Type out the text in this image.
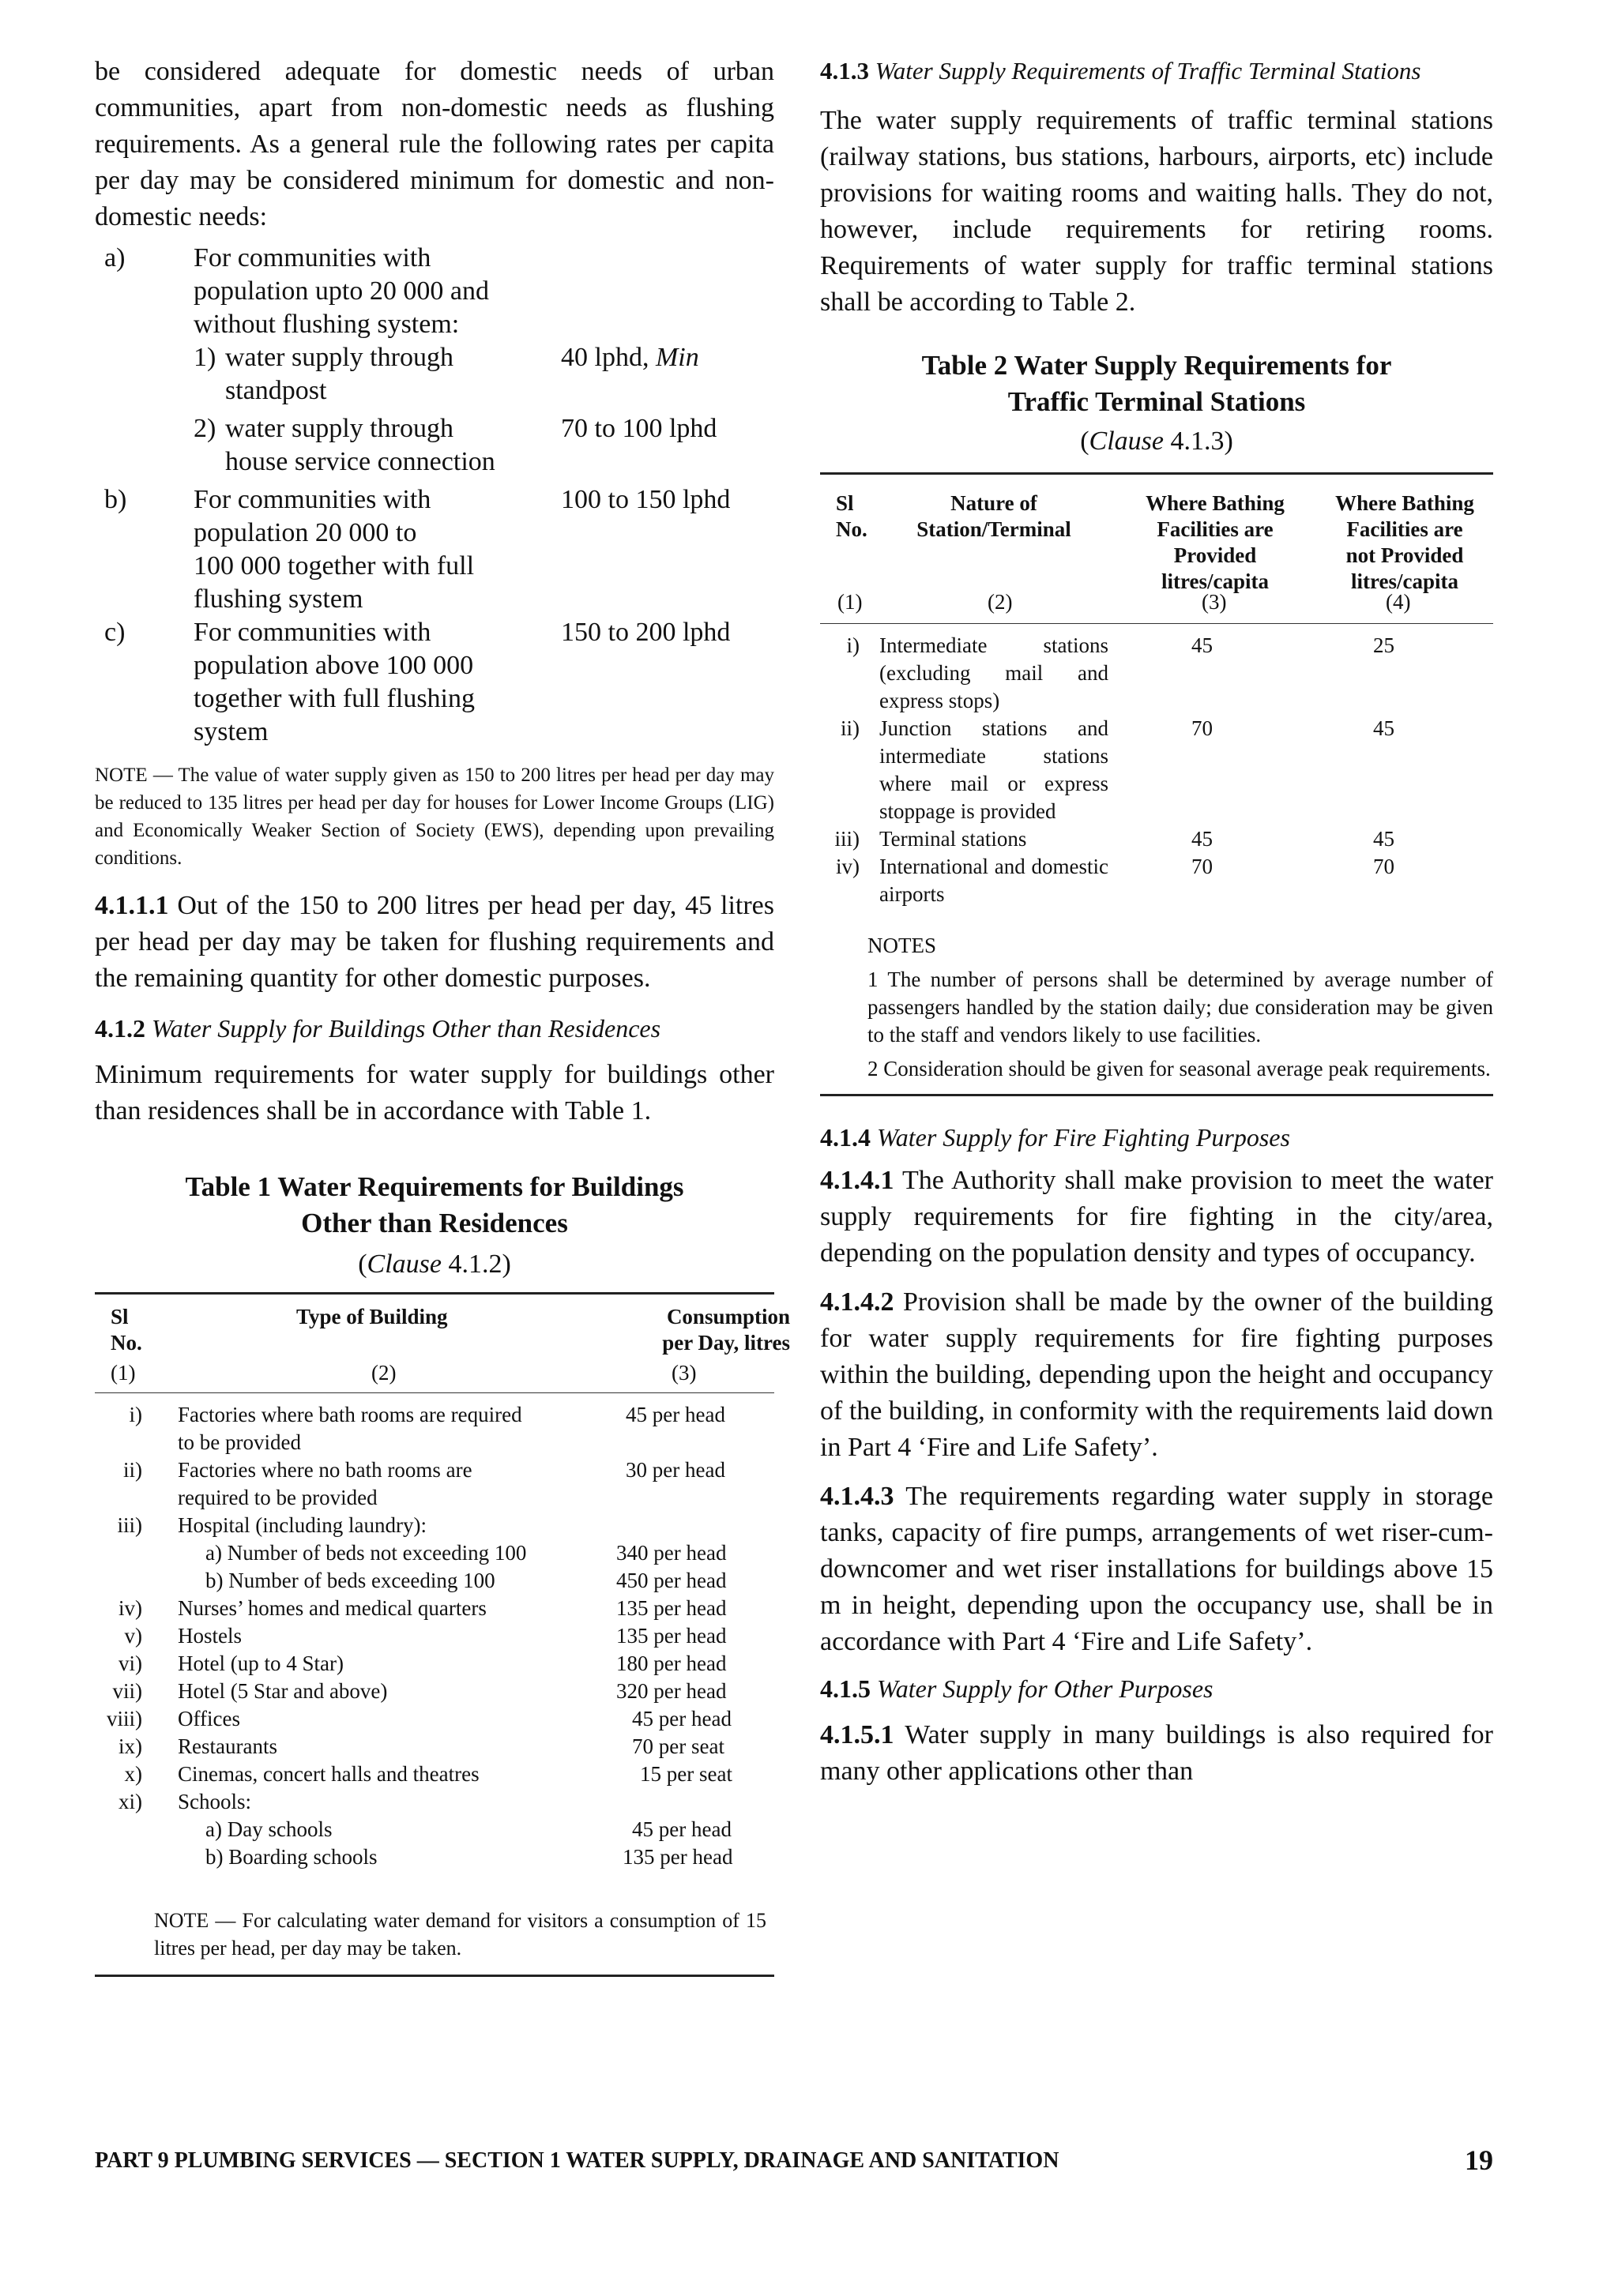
be considered adequate for domestic needs of urban communities, apart from non-domestic needs as flushing requirements. As a general rule the following rates per capita per day may be considered minimum for domestic and non-domestic needs:

a)	For communities with
population upto 20 000 and
without flushing system:
1) water supply through
standpost
40 lphd, Min
2) water supply through
house service connection
70 to 100 lphd
b) For communities with
population 20 000 to
100 000 together with full
flushing system
100 to 150 lphd
c)	For communities with
population above 100 000
together with full flushing
system
150 to 200 lphd

NOTE — The value of water supply given as 150 to 200 litres per head per day may be reduced to 135 litres per head per day for houses for Lower Income Groups (LIG) and Economically Weaker Section of Society (EWS), depending upon prevailing conditions.

4.1.1.1 Out of the 150 to 200 litres per head per day, 45 litres per head per day may be taken for flushing requirements and the remaining quantity for other domestic purposes.

4.1.2 Water Supply for Buildings Other than Residences

Minimum requirements for water supply for buildings other than residences shall be in accordance with Table 1.

Table 1 Water Requirements for Buildings
Other than Residences
(Clause 4.1.2)
Sl
No.
Type of Building	Consumption
per Day, litres
(1)	(2)	(3)
i) Factories where bath rooms are required
to be provided
45 per head
ii) Factories where no bath rooms are
required to be provided
30 per head
iii) Hospital (including laundry):
a) Number of beds not exceeding 100	340 per head
b) Number of beds exceeding 100	450 per head
iv) Nurses’ homes and medical quarters	135 per head
v) Hostels	135 per head
vi) Hotel (up to 4 Star)	180 per head
vii) Hotel (5 Star and above)	320 per head
viii) Offices	45 per head
ix) Restaurants	70 per seat
x) Cinemas, concert halls and theatres	15 per seat
xi) Schools:
a) Day schools	45 per head
b) Boarding schools	135 per head

NOTE — For calculating water demand for visitors a consumption of 15 litres per head, per day may be taken.

4.1.3 Water Supply Requirements of Traffic Terminal Stations

The water supply requirements of traffic terminal stations (railway stations, bus stations, harbours, airports, etc) include provisions for waiting rooms and waiting halls. They do not, however, include requirements for retiring rooms. Requirements of water supply for traffic terminal stations shall be according to Table 2.

Table 2 Water Supply Requirements for
Traffic Terminal Stations
(Clause 4.1.3)
Sl
No.
Nature of
Station/Terminal
Where Bathing
Facilities are
Provided
litres/capita
Where Bathing
Facilities are
not Provided
litres/capita
(1)	(2)	(3)	(4)
i) Intermediate stations (excluding mail and express stops)
45	25
ii) Junction stations and intermediate stations where mail or express stoppage is provided
70	45
iii) Terminal stations	45	45
iv) International and domestic airports
70	70
NOTES

1 The number of persons shall be determined by average number of passengers handled by the station daily; due consideration may be given to the staff and vendors likely to use facilities.

2 Consideration should be given for seasonal average peak requirements.

4.1.4 Water Supply for Fire Fighting Purposes

4.1.4.1 The Authority shall make provision to meet the water supply requirements for fire fighting in the city/area, depending on the population density and types of occupancy.

4.1.4.2 Provision shall be made by the owner of the building for water supply requirements for fire fighting purposes within the building, depending upon the height and occupancy of the building, in conformity with the requirements laid down in Part 4 ‘Fire and Life Safety’.

4.1.4.3 The requirements regarding water supply in storage tanks, capacity of fire pumps, arrangements of wet riser-cum-downcomer and wet riser installations for buildings above 15 m in height, depending upon the occupancy use, shall be in accordance with Part 4 ‘Fire and Life Safety’.

4.1.5 Water Supply for Other Purposes

4.1.5.1 Water supply in many buildings is also required for many other applications other than

PART 9 PLUMBING SERVICES — SECTION 1 WATER SUPPLY, DRAINAGE AND SANITATION	19
